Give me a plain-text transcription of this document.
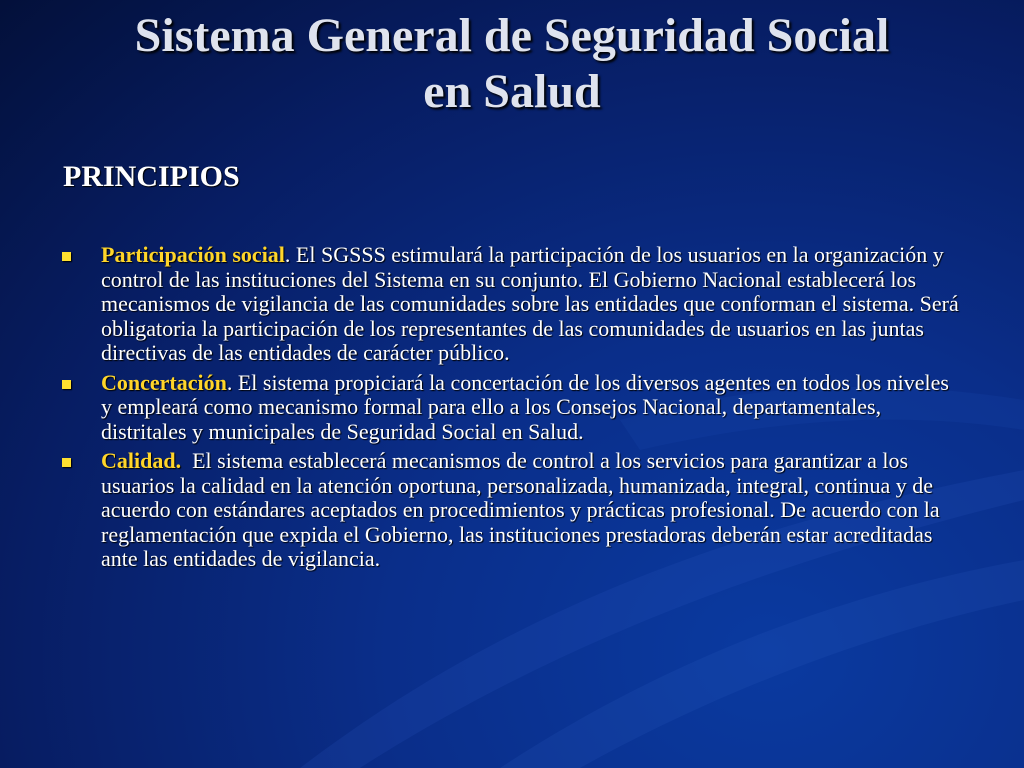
Sistema General de Seguridad Social
en Salud
PRINCIPIOS
Participación social. El SGSSS estimulará la participación de los usuarios en la organización y control de las instituciones del Sistema en su conjunto. El Gobierno Nacional establecerá los mecanismos de vigilancia de las comunidades sobre las entidades que conforman el sistema. Será obligatoria la participación de los representantes de las comunidades de usuarios en las juntas directivas de las entidades de carácter público.
Concertación. El sistema propiciará la concertación de los diversos agentes en todos los niveles y empleará como mecanismo formal para ello a los Consejos Nacional, departamentales, distritales y municipales de Seguridad Social en Salud.
Calidad.  El sistema establecerá mecanismos de control a los servicios para garantizar a los usuarios la calidad en la atención oportuna, personalizada, humanizada, integral, continua y de acuerdo con estándares aceptados en procedimientos y prácticas profesional. De acuerdo con la reglamentación que expida el Gobierno, las instituciones prestadoras deberán estar acreditadas ante las entidades de vigilancia.
